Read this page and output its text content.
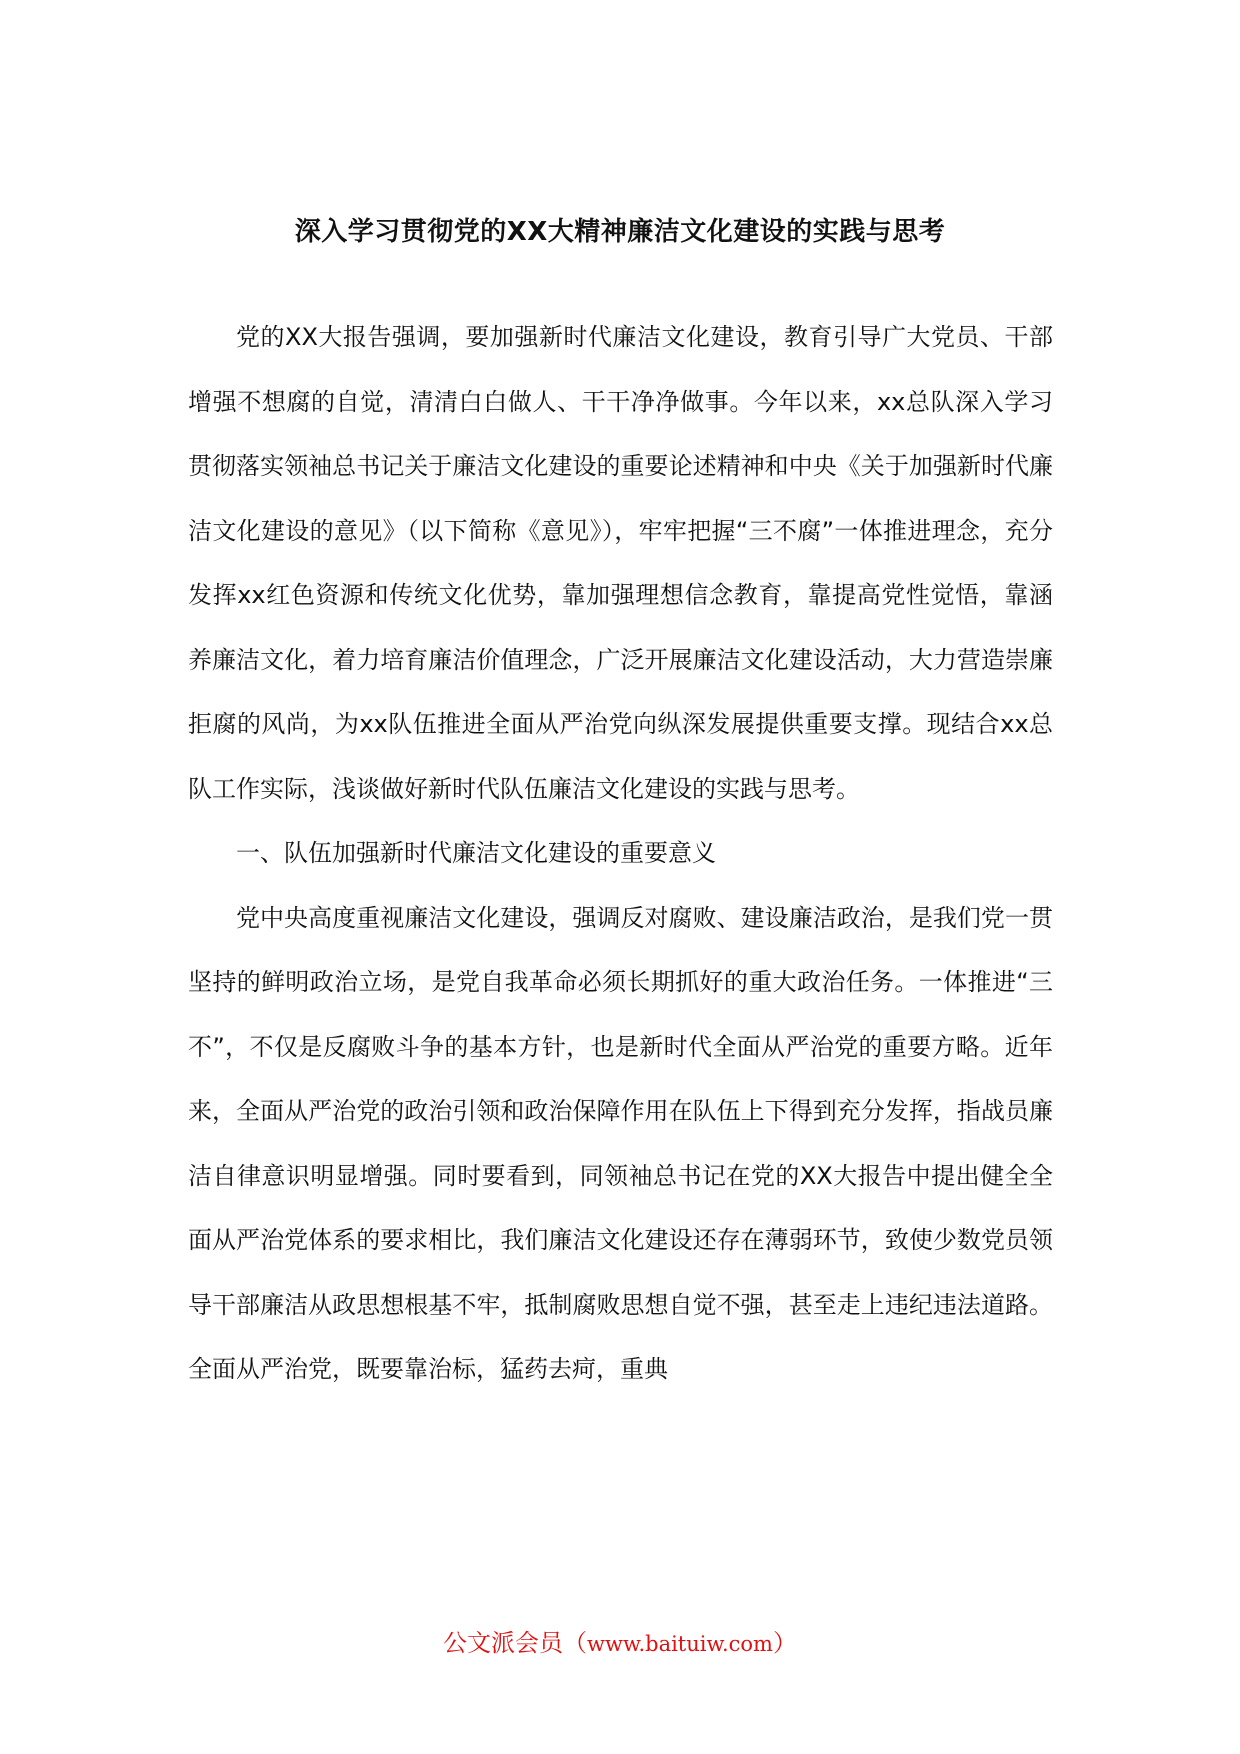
深入学习贯彻党的XX大精神廉洁文化建设的实践与思考

党的XX大报告强调，要加强新时代廉洁文化建设，教育引导广大党员、干部增强不想腐的自觉，清清白白做人、干干净净做事。今年以来，xx总队深入学习贯彻落实领袖总书记关于廉洁文化建设的重要论述精神和中央《关于加强新时代廉洁文化建设的意见》（以下简称《意见》），牢牢把握“三不腐”一体推进理念，充分发挥xx红色资源和传统文化优势，靠加强理想信念教育，靠提高党性觉悟，靠涵养廉洁文化，着力培育廉洁价值理念，广泛开展廉洁文化建设活动，大力营造崇廉拒腐的风尚，为xx队伍推进全面从严治党向纵深发展提供重要支撑。现结合xx总队工作实际，浅谈做好新时代队伍廉洁文化建设的实践与思考。

一、队伍加强新时代廉洁文化建设的重要意义

党中央高度重视廉洁文化建设，强调反对腐败、建设廉洁政治，是我们党一贯坚持的鲜明政治立场，是党自我革命必须长期抓好的重大政治任务。一体推进“三不”，不仅是反腐败斗争的基本方针，也是新时代全面从严治党的重要方略。近年来，全面从严治党的政治引领和政治保障作用在队伍上下得到充分发挥，指战员廉洁自律意识明显增强。同时要看到，同领袖总书记在党的XX大报告中提出健全全面从严治党体系的要求相比，我们廉洁文化建设还存在薄弱环节，致使少数党员领导干部廉洁从政思想根基不牢，抵制腐败思想自觉不强，甚至走上违纪违法道路。全面从严治党，既要靠治标，猛药去疴，重典

公文派会员（www.baituiw.com）
